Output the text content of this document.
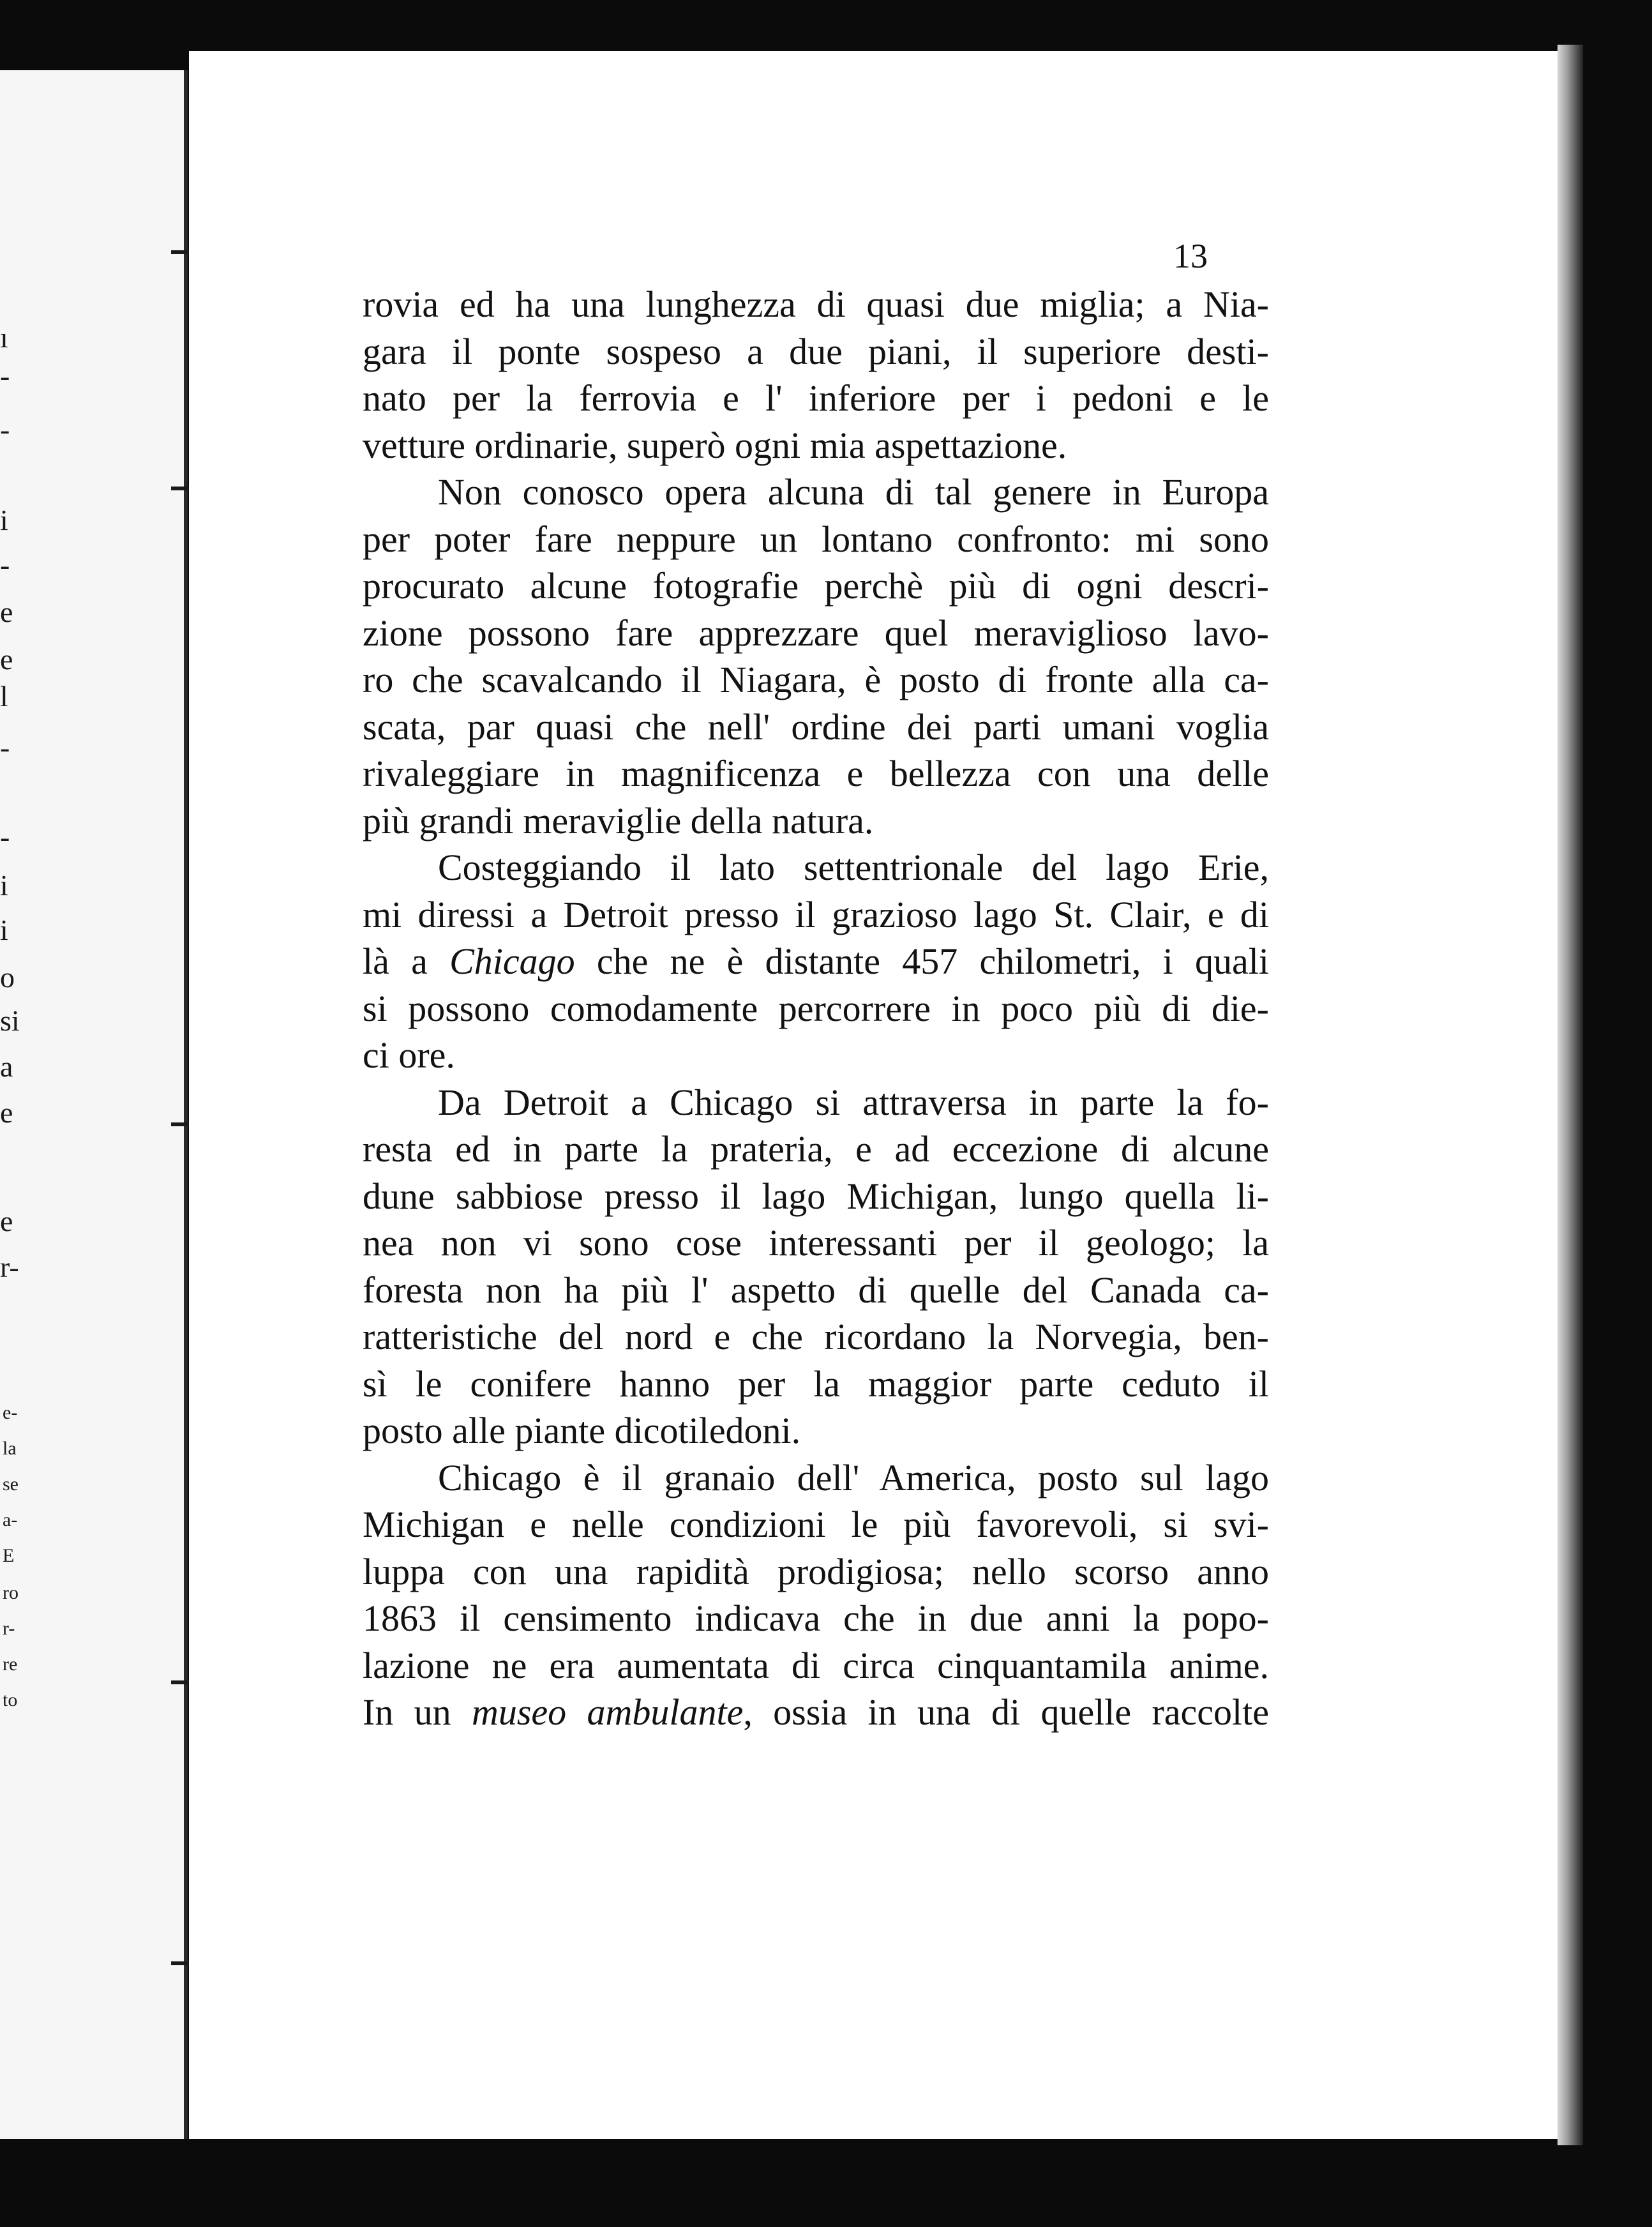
ı
-
-
i
-
e
e
l
-
-
i
i
o
si
a
e
e
r-
e-
la
se
a-
E
ro
r-
re
to
13
rovia ed ha una lunghezza di quasi due miglia; a Nia-
gara il ponte sospeso a due piani, il superiore desti-
nato per la ferrovia e l' inferiore per i pedoni e le
vetture ordinarie, superò ogni mia aspettazione.
Non conosco opera alcuna di tal genere in Europa
per poter fare neppure un lontano confronto: mi sono
procurato alcune fotografie perchè più di ogni descri-
zione possono fare apprezzare quel meraviglioso lavo-
ro che scavalcando il Niagara, è posto di fronte alla ca-
scata, par quasi che nell' ordine dei parti umani voglia
rivaleggiare in magnificenza e bellezza con una delle
più grandi meraviglie della natura.
Costeggiando il lato settentrionale del lago Erie,
mi diressi a Detroit presso il grazioso lago St. Clair, e di
là a Chicago che ne è distante 457 chilometri, i quali
si possono comodamente percorrere in poco più di die-
ci ore.
Da Detroit a Chicago si attraversa in parte la fo-
resta ed in parte la prateria, e ad eccezione di alcune
dune sabbiose presso il lago Michigan, lungo quella li-
nea non vi sono cose interessanti per il geologo; la
foresta non ha più l' aspetto di quelle del Canada ca-
ratteristiche del nord e che ricordano la Norvegia, ben-
sì le conifere hanno per la maggior parte ceduto il
posto alle piante dicotiledoni.
Chicago è il granaio dell' America, posto sul lago
Michigan e nelle condizioni le più favorevoli, si svi-
luppa con una rapidità prodigiosa; nello scorso anno
1863 il censimento indicava che in due anni la popo-
lazione ne era aumentata di circa cinquantamila anime.
In un museo ambulante, ossia in una di quelle raccolte
